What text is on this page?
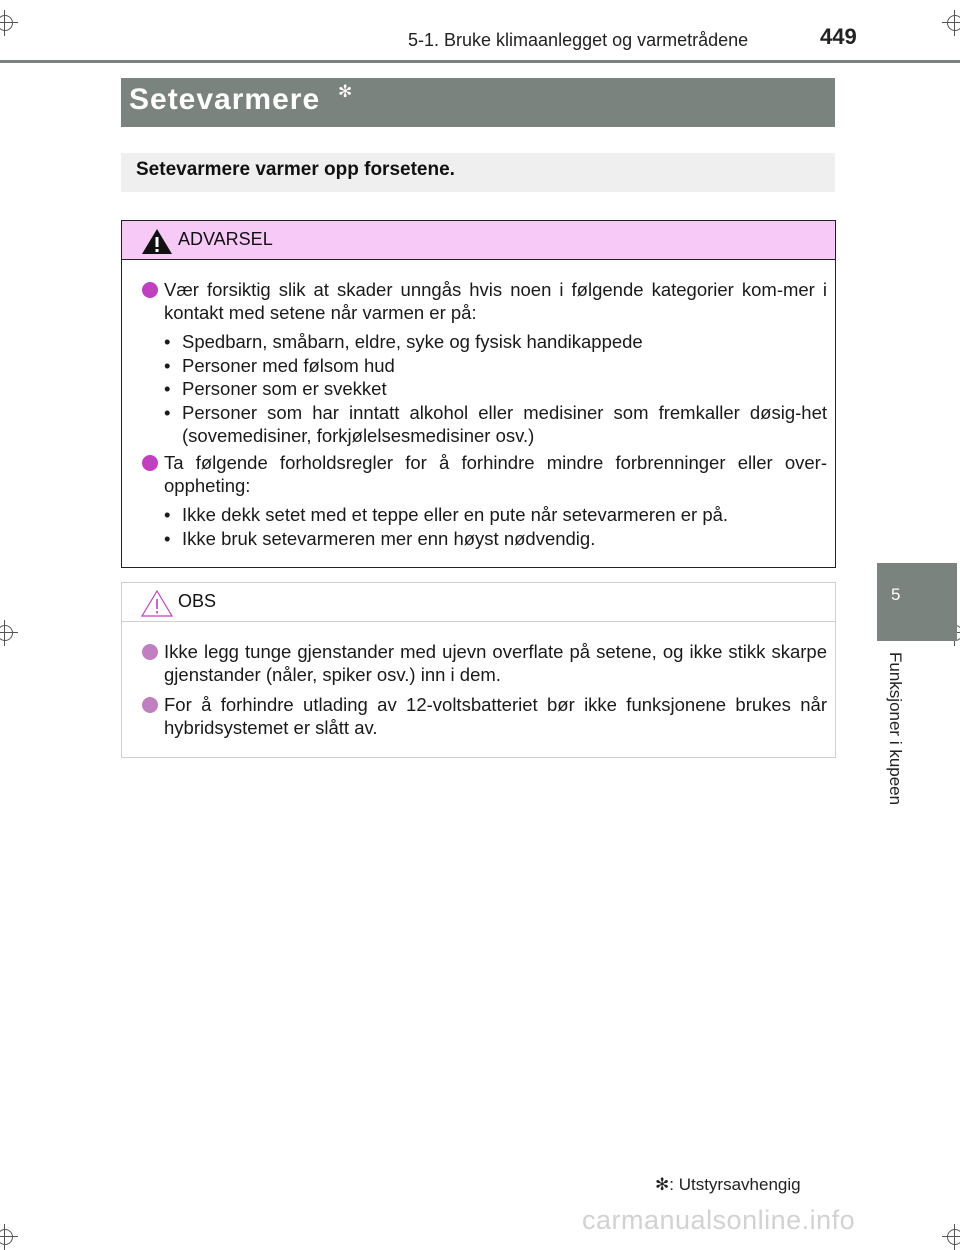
5-1. Bruke klimaanlegget og varmetrådene	449
Setevarmere ✻
Setevarmere varmer opp forsetene.
ADVARSEL
Vær forsiktig slik at skader unngås hvis noen i følgende kategorier kom-mer i kontakt med setene når varmen er på:
• Spedbarn, småbarn, eldre, syke og fysisk handikappede
• Personer med følsom hud
• Personer som er svekket
• Personer som har inntatt alkohol eller medisiner som fremkaller døsig-het (sovemedisiner, forkjølelsesmedisiner osv.)
Ta følgende forholdsregler for å forhindre mindre forbrenninger eller over-oppheting:
• Ikke dekk setet med et teppe eller en pute når setevarmeren er på.
• Ikke bruk setevarmeren mer enn høyst nødvendig.
OBS
Ikke legg tunge gjenstander med ujevn overflate på setene, og ikke stikk skarpe gjenstander (nåler, spiker osv.) inn i dem.
For å forhindre utlading av 12-voltsbatteriet bør ikke funksjonene brukes når hybridsystemet er slått av.
5
Funksjoner i kupeen
✻: Utstyrsavhengig
carmanualsonline.info
